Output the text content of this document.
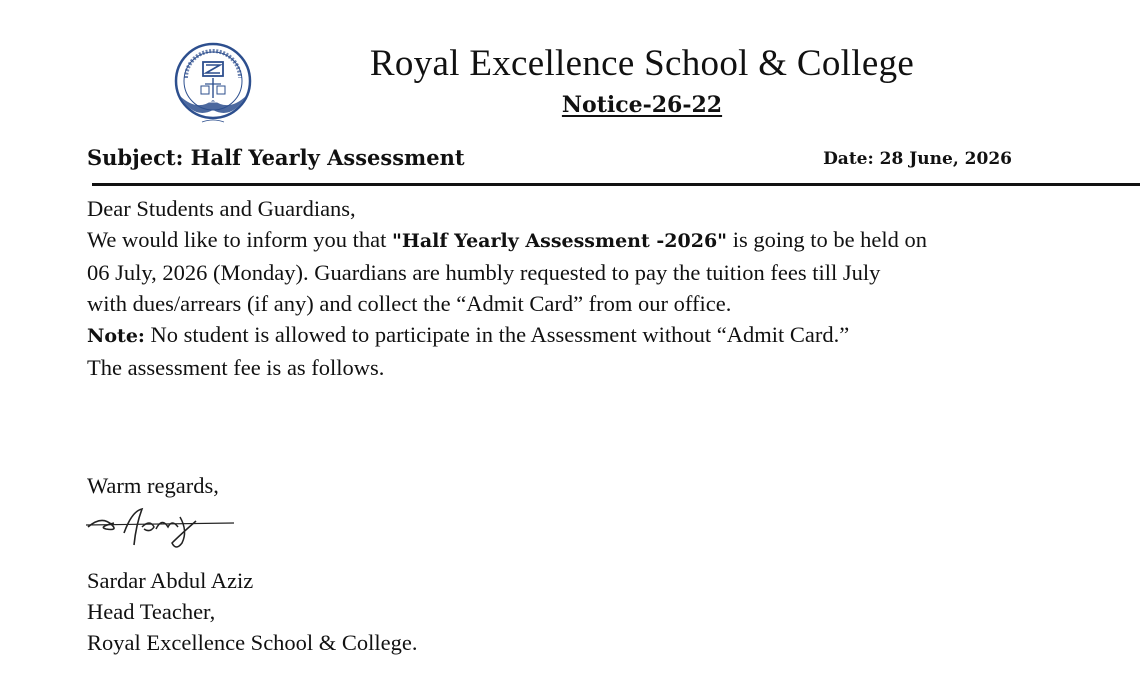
Royal Excellence School & College
Notice-26-22
Subject: Half Yearly Assessment	Date: 28 June, 2026
Dear Students and Guardians,
We would like to inform you that "Half Yearly Assessment -2026" is going to be held on
06 July, 2026 (Monday). Guardians are humbly requested to pay the tuition fees till July
with dues/arrears (if any) and collect the “Admit Card” from our office.
Note: No student is allowed to participate in the Assessment without “Admit Card.”
The assessment fee is as follows.
Warm regards,
Sardar Abdul Aziz
Head Teacher,
Royal Excellence School & College.
